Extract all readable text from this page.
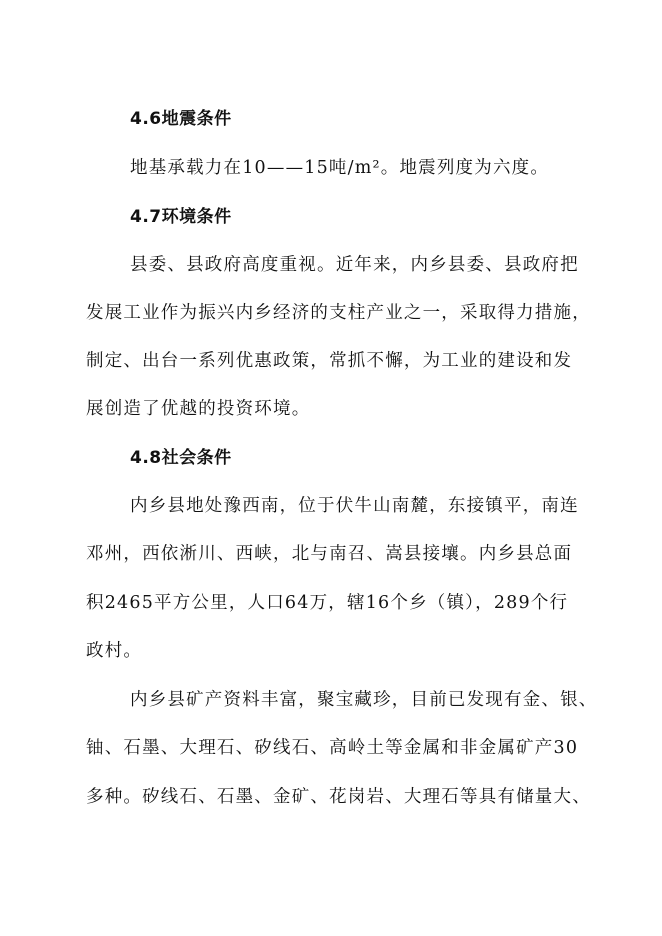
4.6地震条件
地基承载力在10——15吨/m²。地震列度为六度。
4.7环境条件
县委、县政府高度重视。近年来，内乡县委、县政府把
发展工业作为振兴内乡经济的支柱产业之一，采取得力措施，
制定、出台一系列优惠政策，常抓不懈，为工业的建设和发
展创造了优越的投资环境。
4.8社会条件
内乡县地处豫西南，位于伏牛山南麓，东接镇平，南连
邓州，西依淅川、西峡，北与南召、嵩县接壤。内乡县总面
积2465平方公里，人口64万，辖16个乡（镇），289个行
政村。
内乡县矿产资料丰富，聚宝藏珍，目前已发现有金、银、
铀、石墨、大理石、矽线石、高岭土等金属和非金属矿产30
多种。矽线石、石墨、金矿、花岗岩、大理石等具有储量大、
